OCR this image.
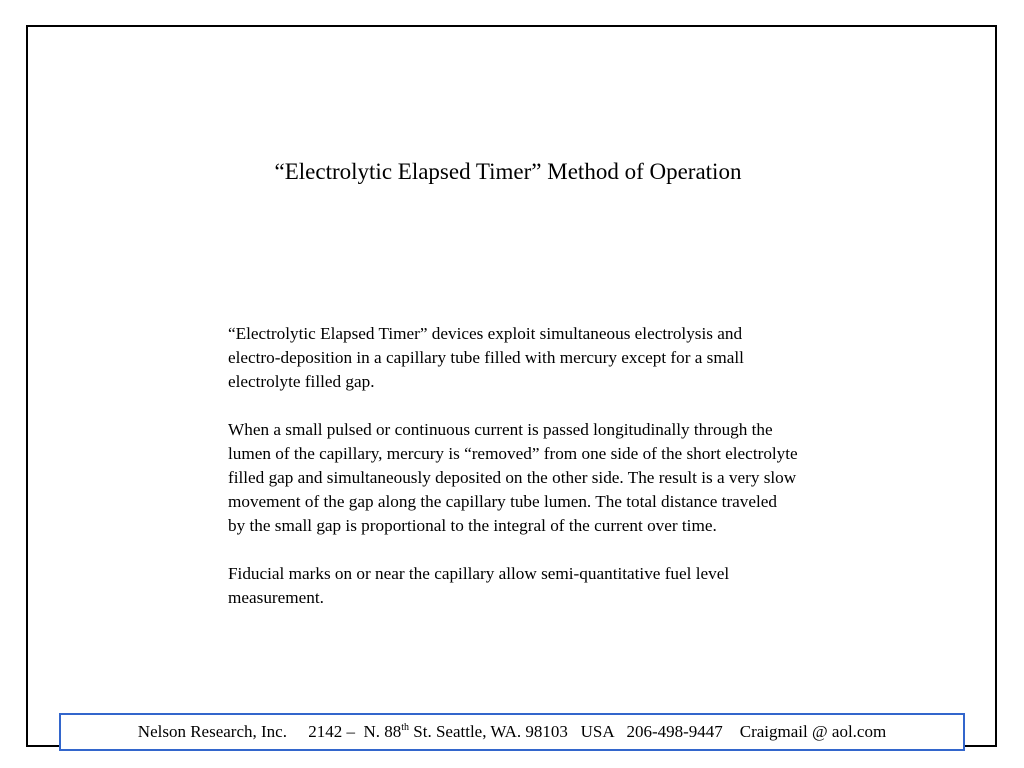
“Electrolytic Elapsed Timer” Method of Operation

“Electrolytic Elapsed Timer” devices exploit simultaneous electrolysis and electro-deposition in a capillary tube filled with mercury except for a small electrolyte filled gap.

When a small pulsed or continuous current is passed longitudinally through the lumen of the capillary, mercury is “removed” from one side of the short electrolyte filled gap and simultaneously deposited on the other side. The result is a very slow movement of the gap along the capillary tube lumen. The total distance traveled by the small gap is proportional to the integral of the current over time.

Fiducial marks on or near the capillary allow semi-quantitative fuel level measurement.

Nelson Research, Inc. 2142 –  N. 88th St. Seattle, WA. 98103 USA 206-498-9447 Craigmail @ aol.com
